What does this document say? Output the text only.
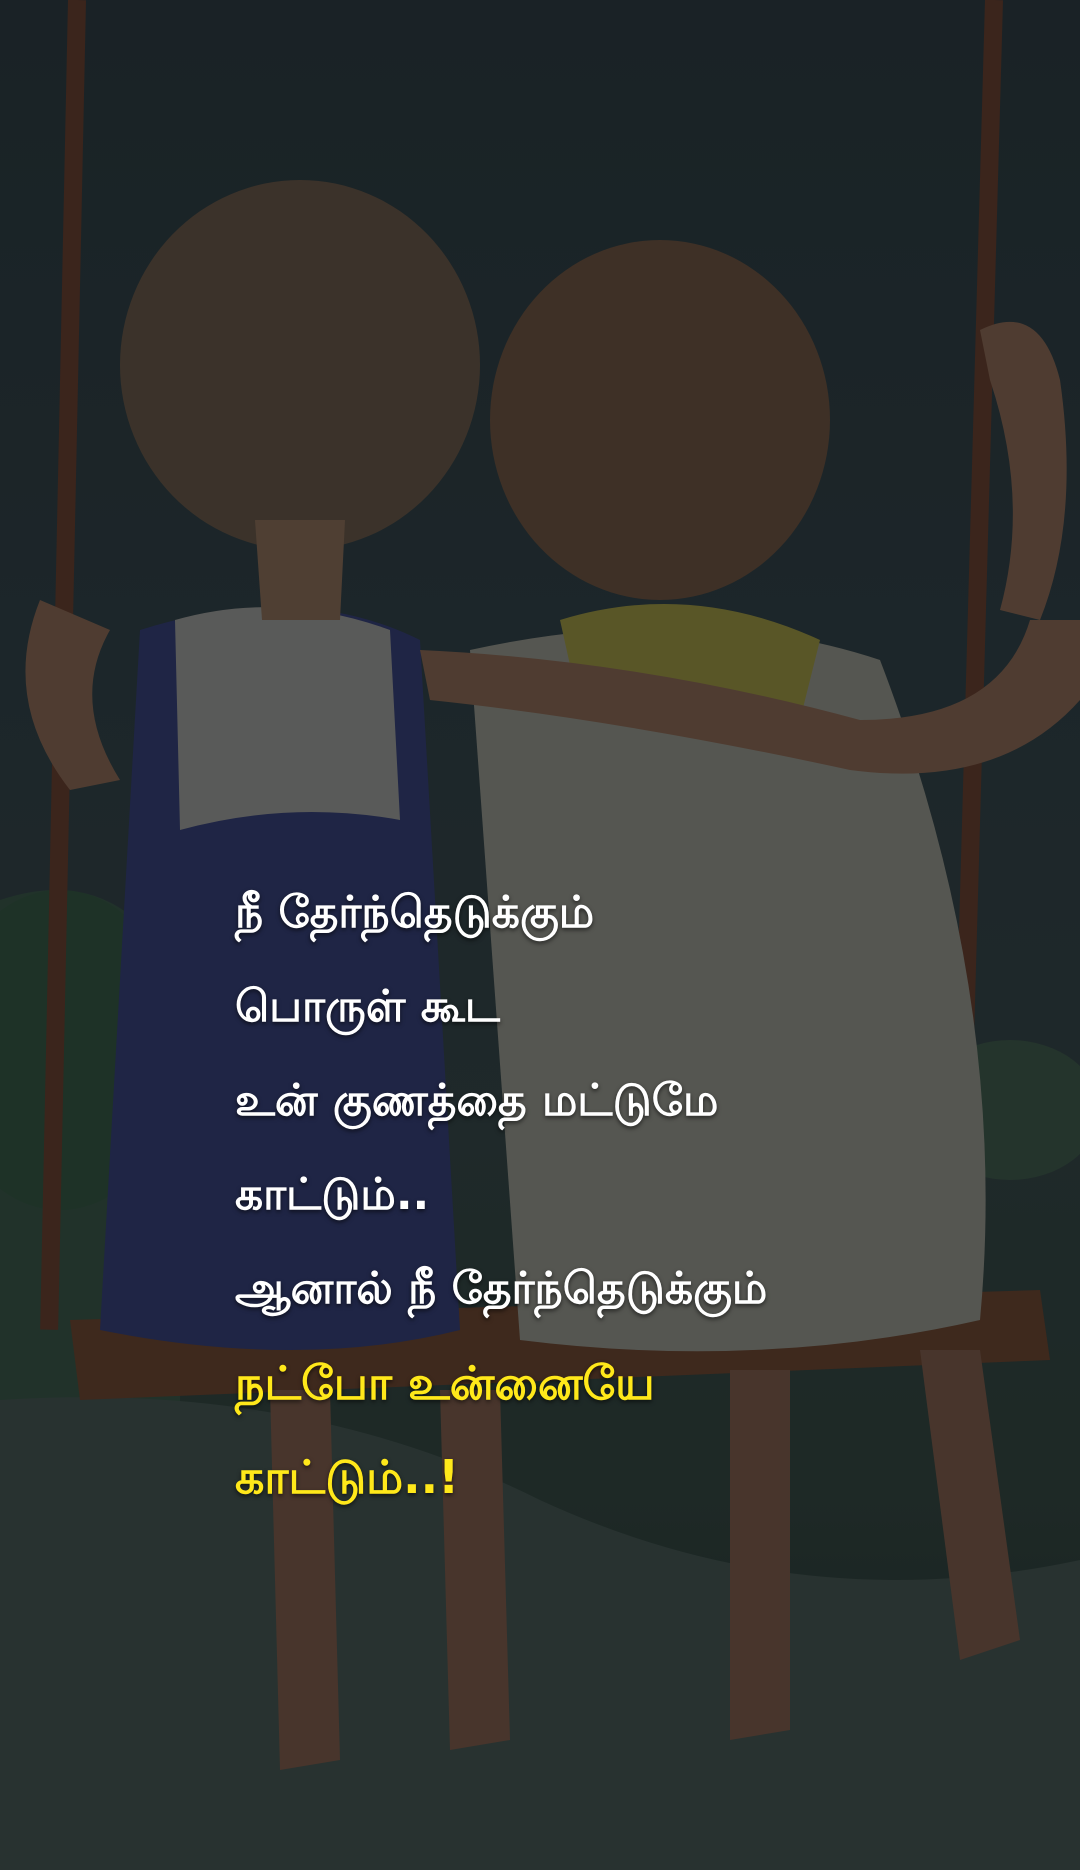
நீ தேர்ந்தெடுக்கும்
பொருள் கூட
உன் குணத்தை மட்டுமே
காட்டும்..
ஆனால் நீ தேர்ந்தெடுக்கும்
நட்போ உன்னையே
காட்டும்..!
